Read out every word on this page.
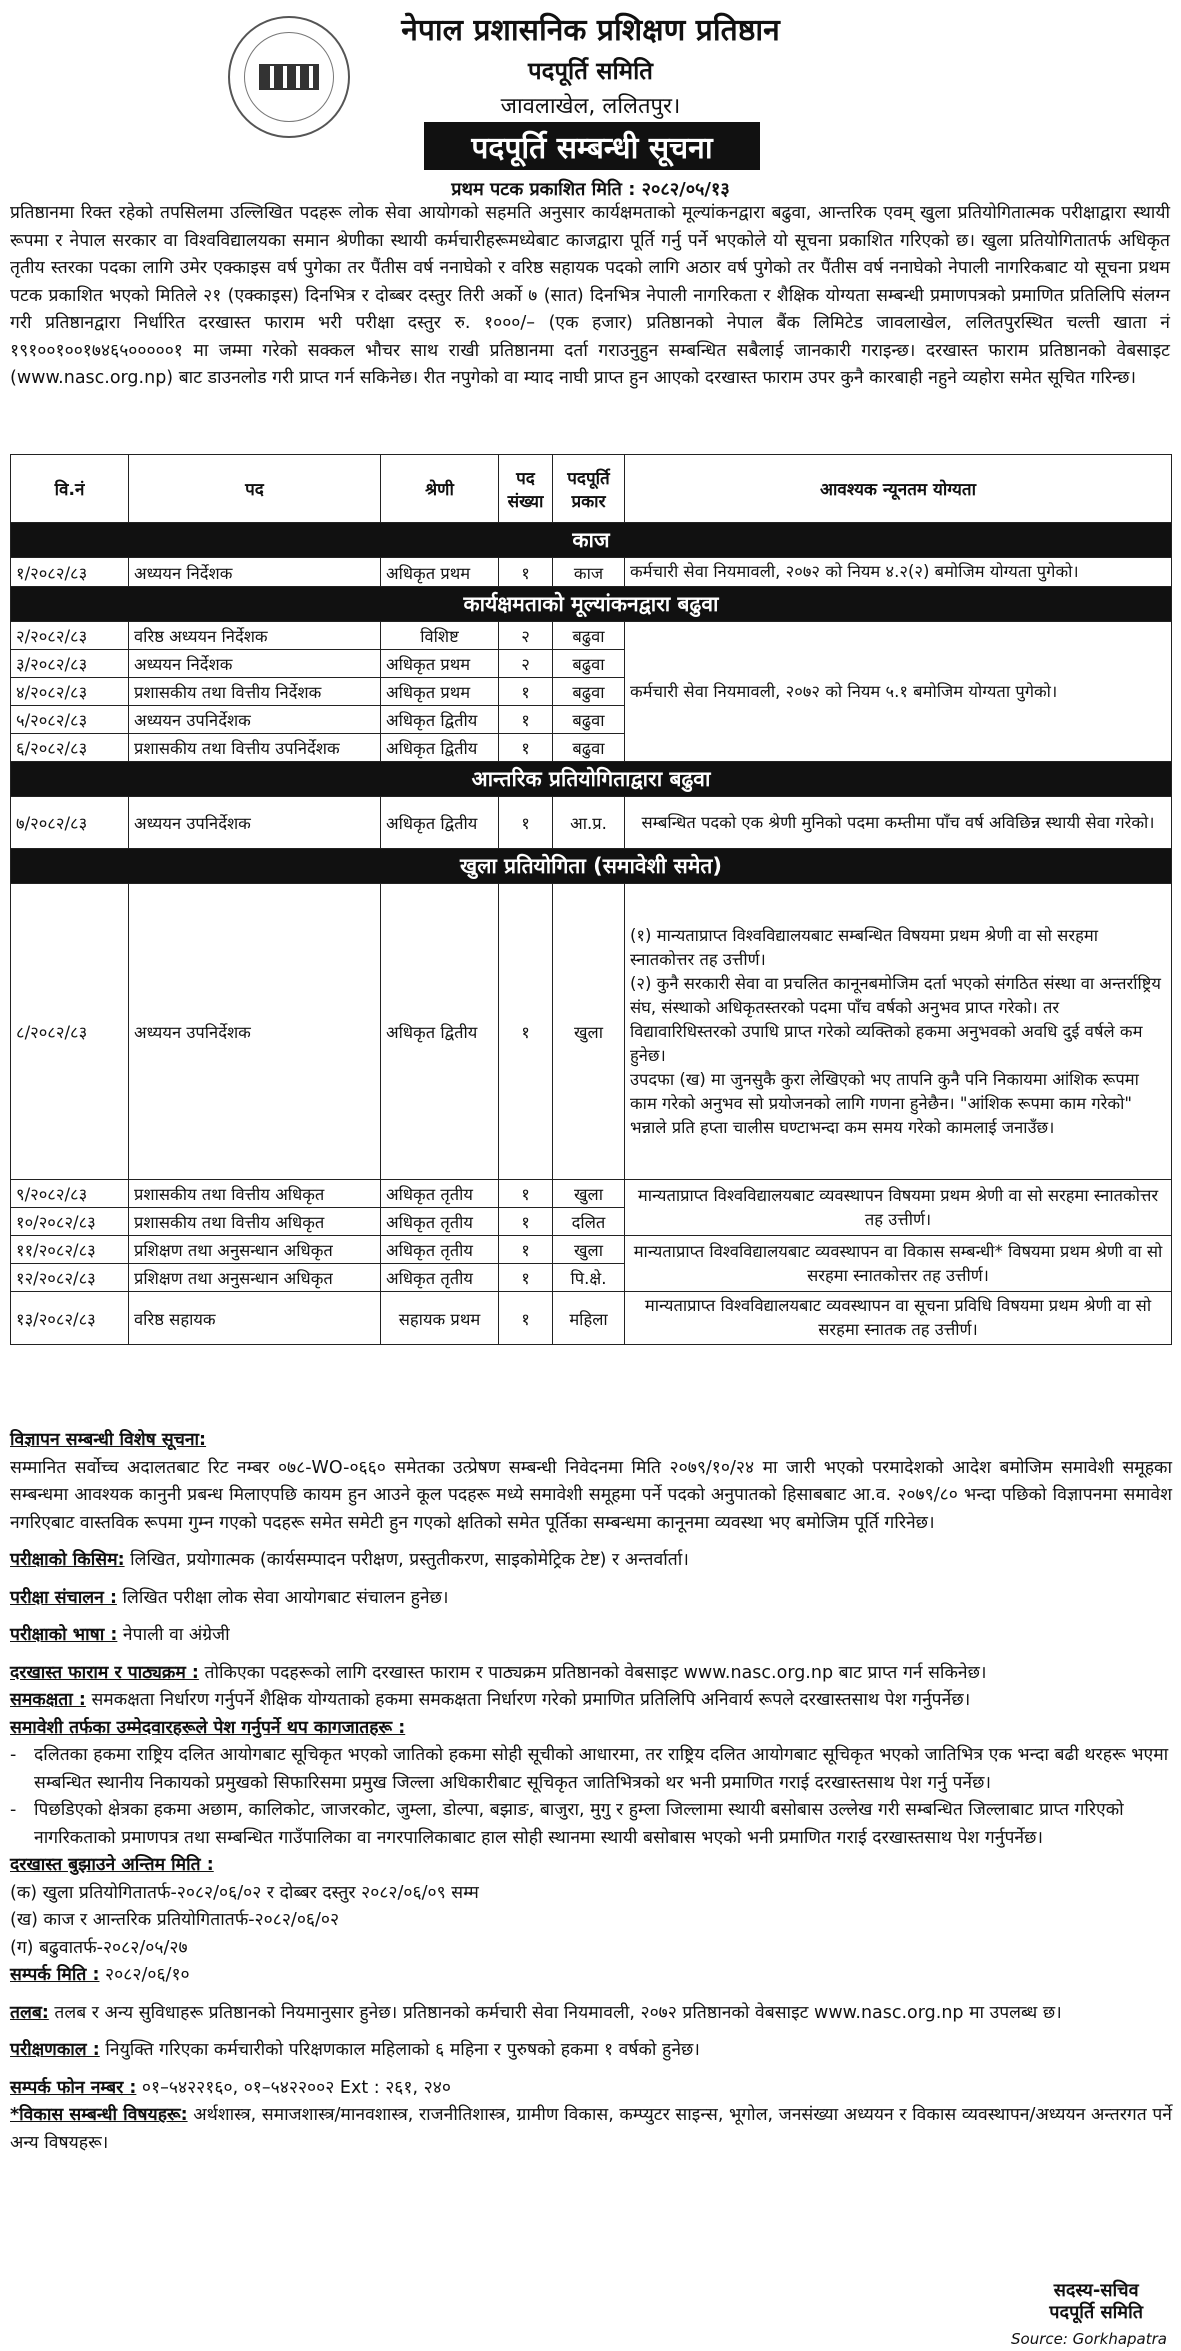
नेपाल प्रशासनिक प्रशिक्षण प्रतिष्ठान
पदपूर्ति समिति
जावलाखेल, ललितपुर।
पदपूर्ति सम्बन्धी सूचना
प्रथम पटक प्रकाशित मिति : २०८२/०५/१३
प्रतिष्ठानमा रिक्त रहेको तपसिलमा उल्लिखित पदहरू लोक सेवा आयोगको सहमति अनुसार कार्यक्षमताको मूल्यांकनद्वारा बढुवा, आन्तरिक एवम् खुला प्रतियोगितात्मक परीक्षाद्वारा स्थायी रूपमा र नेपाल सरकार वा विश्वविद्यालयका समान श्रेणीका स्थायी कर्मचारीहरूमध्येबाट काजद्वारा पूर्ति गर्नु पर्ने भएकोले यो सूचना प्रकाशित गरिएको छ। खुला प्रतियोगितातर्फ अधिकृत तृतीय स्तरका पदका लागि उमेर एक्काइस वर्ष पुगेका तर पैंतीस वर्ष ननाघेको र वरिष्ठ सहायक पदको लागि अठार वर्ष पुगेको तर पैंतीस वर्ष ननाघेको नेपाली नागरिकबाट यो सूचना प्रथम पटक प्रकाशित भएको मितिले २१ (एक्काइस) दिनभित्र र दोब्बर दस्तुर तिरी अर्को ७ (सात) दिनभित्र नेपाली नागरिकता र शैक्षिक योग्यता सम्बन्धी प्रमाणपत्रको प्रमाणित प्रतिलिपि संलग्न गरी प्रतिष्ठानद्वारा निर्धारित दरखास्त फाराम भरी परीक्षा दस्तुर रु. १०००/– (एक हजार) प्रतिष्ठानको नेपाल बैंक लिमिटेड जावलाखेल, ललितपुरस्थित चल्ती खाता नं १९१००१००१७४६५०००००१ मा जम्मा गरेको सक्कल भौचर साथ राखी प्रतिष्ठानमा दर्ता गराउनुहुन सम्बन्धित सबैलाई जानकारी गराइन्छ। दरखास्त फाराम प्रतिष्ठानको वेबसाइट (www.nasc.org.np) बाट डाउनलोड गरी प्राप्त गर्न सकिनेछ। रीत नपुगेको वा म्याद नाघी प्राप्त हुन आएको दरखास्त फाराम उपर कुनै कारबाही नहुने व्यहोरा समेत सूचित गरिन्छ।
वि.नं	पद	श्रेणी	पद संख्या	पदपूर्ति प्रकार	आवश्यक न्यूनतम योग्यता
काज					
१/२०८२/८३	अध्ययन निर्देशक	अधिकृत प्रथम	१	काज	कर्मचारी सेवा नियमावली, २०७२ को नियम ४.२(२) बमोजिम योग्यता पुगेको।
कार्यक्षमताको मूल्यांकनद्वारा बढुवा					
२/२०८२/८३	वरिष्ठ अध्ययन निर्देशक	विशिष्ट	२	बढुवा	कर्मचारी सेवा नियमावली, २०७२ को नियम ५.१ बमोजिम योग्यता पुगेको।
३/२०८२/८३	अध्ययन निर्देशक	अधिकृत प्रथम	२	बढुवा	
४/२०८२/८३	प्रशासकीय तथा वित्तीय निर्देशक	अधिकृत प्रथम	१	बढुवा	
५/२०८२/८३	अध्ययन उपनिर्देशक	अधिकृत द्वितीय	१	बढुवा	
६/२०८२/८३	प्रशासकीय तथा वित्तीय उपनिर्देशक	अधिकृत द्वितीय	१	बढुवा	
आन्तरिक प्रतियोगिताद्वारा बढुवा					
७/२०८२/८३	अध्ययन उपनिर्देशक	अधिकृत द्वितीय	१	आ.प्र.	सम्बन्धित पदको एक श्रेणी मुनिको पदमा कम्तीमा पाँच वर्ष अविछिन्न स्थायी सेवा गरेको।
खुला प्रतियोगिता (समावेशी समेत)					
८/२०८२/८३	अध्ययन उपनिर्देशक	अधिकृत द्वितीय	१	खुला	(१) मान्यताप्राप्त विश्वविद्यालयबाट सम्बन्धित विषयमा प्रथम श्रेणी वा सो सरहमा स्नातकोत्तर तह उत्तीर्ण।
(२) कुनै सरकारी सेवा वा प्रचलित कानूनबमोजिम दर्ता भएको संगठित संस्था वा अन्तर्राष्ट्रिय संघ, संस्थाको अधिकृतस्तरको पदमा पाँच वर्षको अनुभव प्राप्त गरेको। तर विद्यावारिधिस्तरको उपाधि प्राप्त गरेको व्यक्तिको हकमा अनुभवको अवधि दुई वर्षले कम हुनेछ।
उपदफा (ख) मा जुनसुकै कुरा लेखिएको भए तापनि कुनै पनि निकायमा आंशिक रूपमा काम गरेको अनुभव सो प्रयोजनको लागि गणना हुनेछैन। "आंशिक रूपमा काम गरेको" भन्नाले प्रति हप्ता चालीस घण्टाभन्दा कम समय गरेको कामलाई जनाउँछ।

९/२०८२/८३	प्रशासकीय तथा वित्तीय अधिकृत	अधिकृत तृतीय	१	खुला	मान्यताप्राप्त विश्वविद्यालयबाट व्यवस्थापन विषयमा प्रथम श्रेणी वा सो सरहमा स्नातकोत्तर तह उत्तीर्ण।
१०/२०८२/८३	प्रशासकीय तथा वित्तीय अधिकृत	अधिकृत तृतीय	१	दलित	
११/२०८२/८३	प्रशिक्षण तथा अनुसन्धान अधिकृत	अधिकृत तृतीय	१	खुला	मान्यताप्राप्त विश्वविद्यालयबाट व्यवस्थापन वा विकास सम्बन्धी* विषयमा प्रथम श्रेणी वा सो सरहमा स्नातकोत्तर तह उत्तीर्ण।
१२/२०८२/८३	प्रशिक्षण तथा अनुसन्धान अधिकृत	अधिकृत तृतीय	१	पि.क्षे.	
१३/२०८२/८३	वरिष्ठ सहायक	सहायक प्रथम	१	महिला	मान्यताप्राप्त विश्वविद्यालयबाट व्यवस्थापन वा सूचना प्रविधि विषयमा प्रथम श्रेणी वा सो सरहमा स्नातक तह उत्तीर्ण।

विज्ञापन सम्बन्धी विशेष सूचना:

सम्मानित सर्वोच्च अदालतबाट रिट नम्बर ०७८-WO-०६६० समेतका उत्प्रेषण सम्बन्धी निवेदनमा मिति २०७९/१०/२४ मा जारी भएको परमादेशको आदेश बमोजिम समावेशी समूहका सम्बन्धमा आवश्यक कानुनी प्रबन्ध मिलाएपछि कायम हुन आउने कूल पदहरू मध्ये समावेशी समूहमा पर्ने पदको अनुपातको हिसाबबाट आ.व. २०७९/८० भन्दा पछिको विज्ञापनमा समावेश नगरिएबाट वास्तविक रूपमा गुम्न गएको पदहरू समेत समेटी हुन गएको क्षतिको समेत पूर्तिका सम्बन्धमा कानूनमा व्यवस्था भए बमोजिम पूर्ति गरिनेछ।

परीक्षाको किसिम: लिखित, प्रयोगात्मक (कार्यसम्पादन परीक्षण, प्रस्तुतीकरण, साइकोमेट्रिक टेष्ट) र अन्तर्वार्ता।

परीक्षा संचालन : लिखित परीक्षा लोक सेवा आयोगबाट संचालन हुनेछ।

परीक्षाको भाषा : नेपाली वा अंग्रेजी

दरखास्त फाराम र पाठ्यक्रम : तोकिएका पदहरूको लागि दरखास्त फाराम र पाठ्यक्रम प्रतिष्ठानको वेबसाइट www.nasc.org.np बाट प्राप्त गर्न सकिनेछ।

समकक्षता : समकक्षता निर्धारण गर्नुपर्ने शैक्षिक योग्यताको हकमा समकक्षता निर्धारण गरेको प्रमाणित प्रतिलिपि अनिवार्य रूपले दरखास्तसाथ पेश गर्नुपर्नेछ।

समावेशी तर्फका उम्मेदवारहरूले पेश गर्नुपर्ने थप कागजातहरू :

-	दलितका हकमा राष्ट्रिय दलित आयोगबाट सूचिकृत भएको जातिको हकमा सोही सूचीको आधारमा, तर राष्ट्रिय दलित आयोगबाट सूचिकृत भएको जातिभित्र एक भन्दा बढी थरहरू भएमा सम्बन्धित स्थानीय निकायको प्रमुखको सिफारिसमा प्रमुख जिल्ला अधिकारीबाट सूचिकृत जातिभित्रको थर भनी प्रमाणित गराई दरखास्तसाथ पेश गर्नु पर्नेछ।
-	पिछडिएको क्षेत्रका हकमा अछाम, कालिकोट, जाजरकोट, जुम्ला, डोल्पा, बझाङ, बाजुरा, मुगु र हुम्ला जिल्लामा स्थायी बसोबास उल्लेख गरी सम्बन्धित जिल्लाबाट प्राप्त गरिएको नागरिकताको प्रमाणपत्र तथा सम्बन्धित गाउँपालिका वा नगरपालिकाबाट हाल सोही स्थानमा स्थायी बसोबास भएको भनी प्रमाणित गराई दरखास्तसाथ पेश गर्नुपर्नेछ।

दरखास्त बुझाउने अन्तिम मिति :

(क) खुला प्रतियोगितातर्फ-२०८२/०६/०२ र दोब्बर दस्तुर २०८२/०६/०९ सम्म

(ख) काज र आन्तरिक प्रतियोगितातर्फ-२०८२/०६/०२

(ग) बढुवातर्फ-२०८२/०५/२७

सम्पर्क मिति : २०८२/०६/१०

तलब: तलब र अन्य सुविधाहरू प्रतिष्ठानको नियमानुसार हुनेछ। प्रतिष्ठानको कर्मचारी सेवा नियमावली, २०७२ प्रतिष्ठानको वेबसाइट www.nasc.org.np मा उपलब्ध छ।

परीक्षणकाल : नियुक्ति गरिएका कर्मचारीको परिक्षणकाल महिलाको ६ महिना र पुरुषको हकमा १ वर्षको हुनेछ।

सम्पर्क फोन नम्बर : ०१–५४२२१६०, ०१–५४२२००२ Ext : २६१, २४०

*विकास सम्बन्धी विषयहरू: अर्थशास्त्र, समाजशास्त्र/मानवशास्त्र, राजनीतिशास्त्र, ग्रामीण विकास, कम्प्युटर साइन्स, भूगोल, जनसंख्या अध्ययन र विकास व्यवस्थापन/अध्ययन अन्तरगत पर्ने अन्य विषयहरू।

सदस्य-सचिव
पदपूर्ति समिति
Source: Gorkhapatra
